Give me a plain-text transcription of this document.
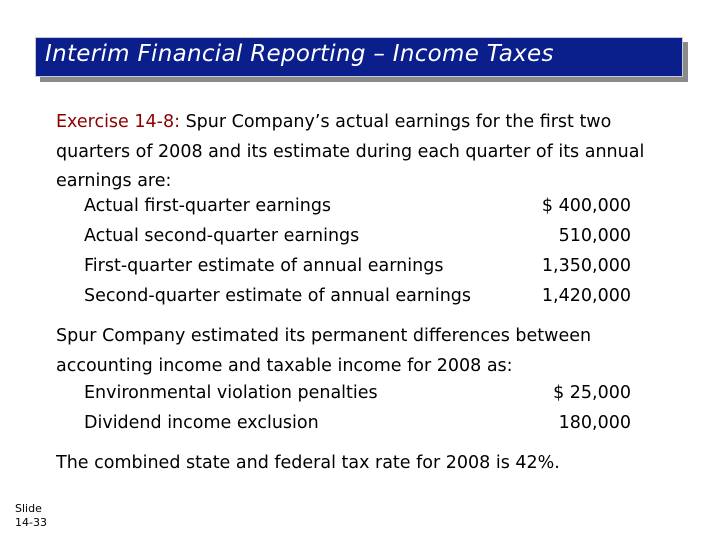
Interim Financial Reporting – Income Taxes
Exercise 14-8: Spur Company’s actual earnings for the first two quarters of 2008 and its estimate during each quarter of its annual earnings are:
Actual first-quarter earnings	$ 400,000
Actual second-quarter earnings	510,000
First-quarter estimate of annual earnings	1,350,000
Second-quarter estimate of annual earnings	1,420,000
Spur Company estimated its permanent differences between accounting income and taxable income for 2008 as:
Environmental violation penalties	$ 25,000
Dividend income exclusion	180,000
The combined state and federal tax rate for 2008 is 42%.
Slide
14-33
